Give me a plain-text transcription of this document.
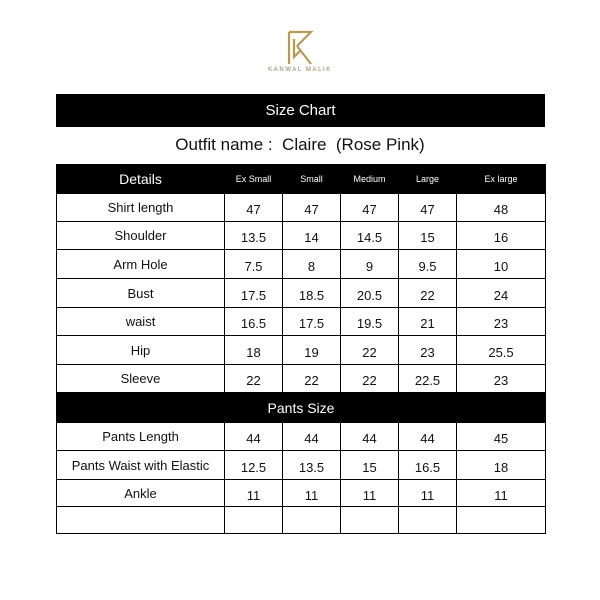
KANWAL MALIK
Size Chart
Outfit name :  Claire  (Rose Pink)
Details	Ex Small	Small	Medium	Large	Ex large
Shirt length	47	47	47	47	48
Shoulder	13.5	14	14.5	15	16
Arm Hole	7.5	8	9	9.5	10
Bust	17.5	18.5	20.5	22	24
waist	16.5	17.5	19.5	21	23
Hip	18	19	22	23	25.5
Sleeve	22	22	22	22.5	23
Pants Size					
Pants Length	44	44	44	44	45
Pants Waist with Elastic	12.5	13.5	15	16.5	18
Ankle	11	11	11	11	11
